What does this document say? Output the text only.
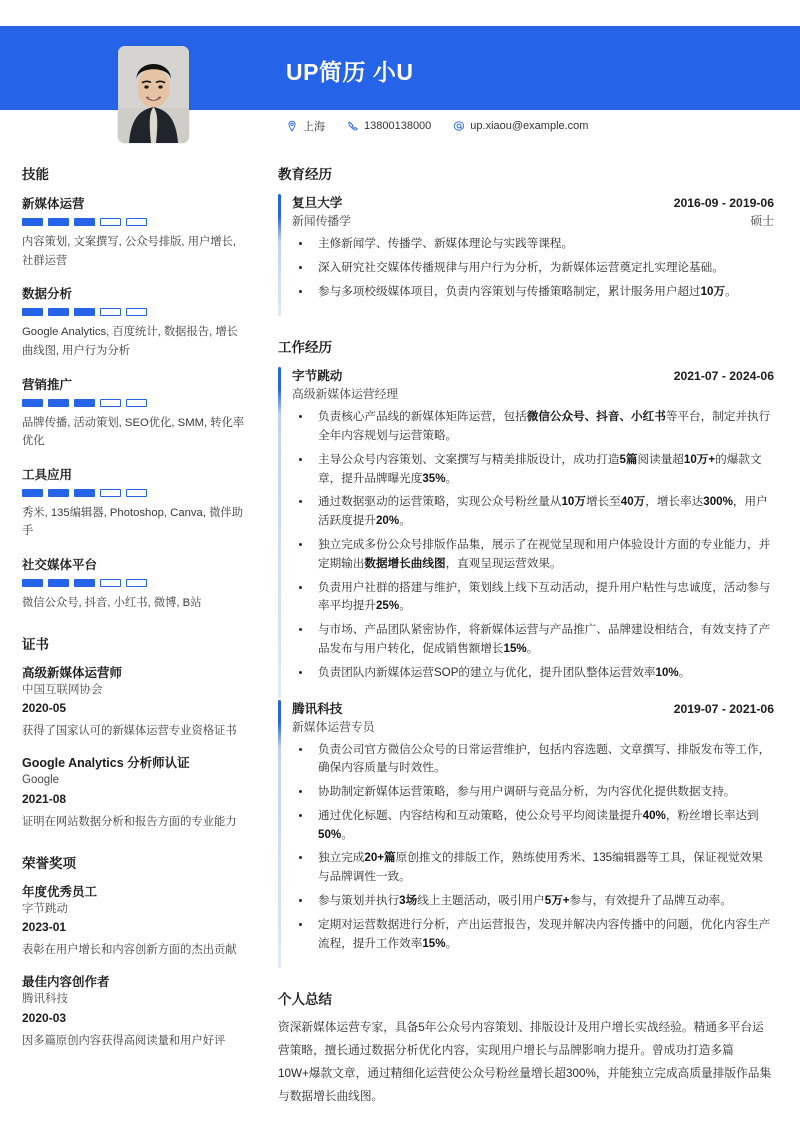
UP简历 小U
上海	13800138000	up.xiaou@example.com
技能
新媒体运营
内容策划, 文案撰写, 公众号排版, 用户增长, 社群运营
数据分析
Google Analytics, 百度统计, 数据报告, 增长曲线图, 用户行为分析
营销推广
品牌传播, 活动策划, SEO优化, SMM, 转化率优化
工具应用
秀米, 135编辑器, Photoshop, Canva, 微伴助手
社交媒体平台
微信公众号, 抖音, 小红书, 微博, B站
证书
高级新媒体运营师
中国互联网协会
2020-05
获得了国家认可的新媒体运营专业资格证书
Google Analytics 分析师认证
Google
2021-08
证明在网站数据分析和报告方面的专业能力
荣誉奖项
年度优秀员工
字节跳动
2023-01
表彰在用户增长和内容创新方面的杰出贡献
最佳内容创作者
腾讯科技
2020-03
因多篇原创内容获得高阅读量和用户好评
教育经历
复旦大学	2016-09 - 2019-06
新闻传播学	硕士
• 主修新闻学、传播学、新媒体理论与实践等课程。
• 深入研究社交媒体传播规律与用户行为分析，为新媒体运营奠定扎实理论基础。
• 参与多项校级媒体项目，负责内容策划与传播策略制定，累计服务用户超过10万。
工作经历
字节跳动	2021-07 - 2024-06
高级新媒体运营经理
• 负责核心产品线的新媒体矩阵运营，包括微信公众号、抖音、小红书等平台，制定并执行全年内容规划与运营策略。
• 主导公众号内容策划、文案撰写与精美排版设计，成功打造5篇阅读量超10万+的爆款文章，提升品牌曝光度35%。
• 通过数据驱动的运营策略，实现公众号粉丝量从10万增长至40万，增长率达300%，用户活跃度提升20%。
• 独立完成多份公众号排版作品集，展示了在视觉呈现和用户体验设计方面的专业能力，并定期输出数据增长曲线图，直观呈现运营效果。
• 负责用户社群的搭建与维护，策划线上线下互动活动，提升用户粘性与忠诚度，活动参与率平均提升25%。
• 与市场、产品团队紧密协作，将新媒体运营与产品推广、品牌建设相结合，有效支持了产品发布与用户转化，促成销售额增长15%。
• 负责团队内新媒体运营SOP的建立与优化，提升团队整体运营效率10%。
腾讯科技	2019-07 - 2021-06
新媒体运营专员
• 负责公司官方微信公众号的日常运营维护，包括内容选题、文章撰写、排版发布等工作，确保内容质量与时效性。
• 协助制定新媒体运营策略，参与用户调研与竞品分析，为内容优化提供数据支持。
• 通过优化标题、内容结构和互动策略，使公众号平均阅读量提升40%，粉丝增长率达到50%。
• 独立完成20+篇原创推文的排版工作，熟练使用秀米、135编辑器等工具，保证视觉效果与品牌调性一致。
• 参与策划并执行3场线上主题活动，吸引用户5万+参与，有效提升了品牌互动率。
• 定期对运营数据进行分析，产出运营报告，发现并解决内容传播中的问题，优化内容生产流程，提升工作效率15%。
个人总结
资深新媒体运营专家，具备5年公众号内容策划、排版设计及用户增长实战经验。精通多平台运营策略，擅长通过数据分析优化内容，实现用户增长与品牌影响力提升。曾成功打造多篇10W+爆款文章，通过精细化运营使公众号粉丝量增长超300%，并能独立完成高质量排版作品集与数据增长曲线图。
